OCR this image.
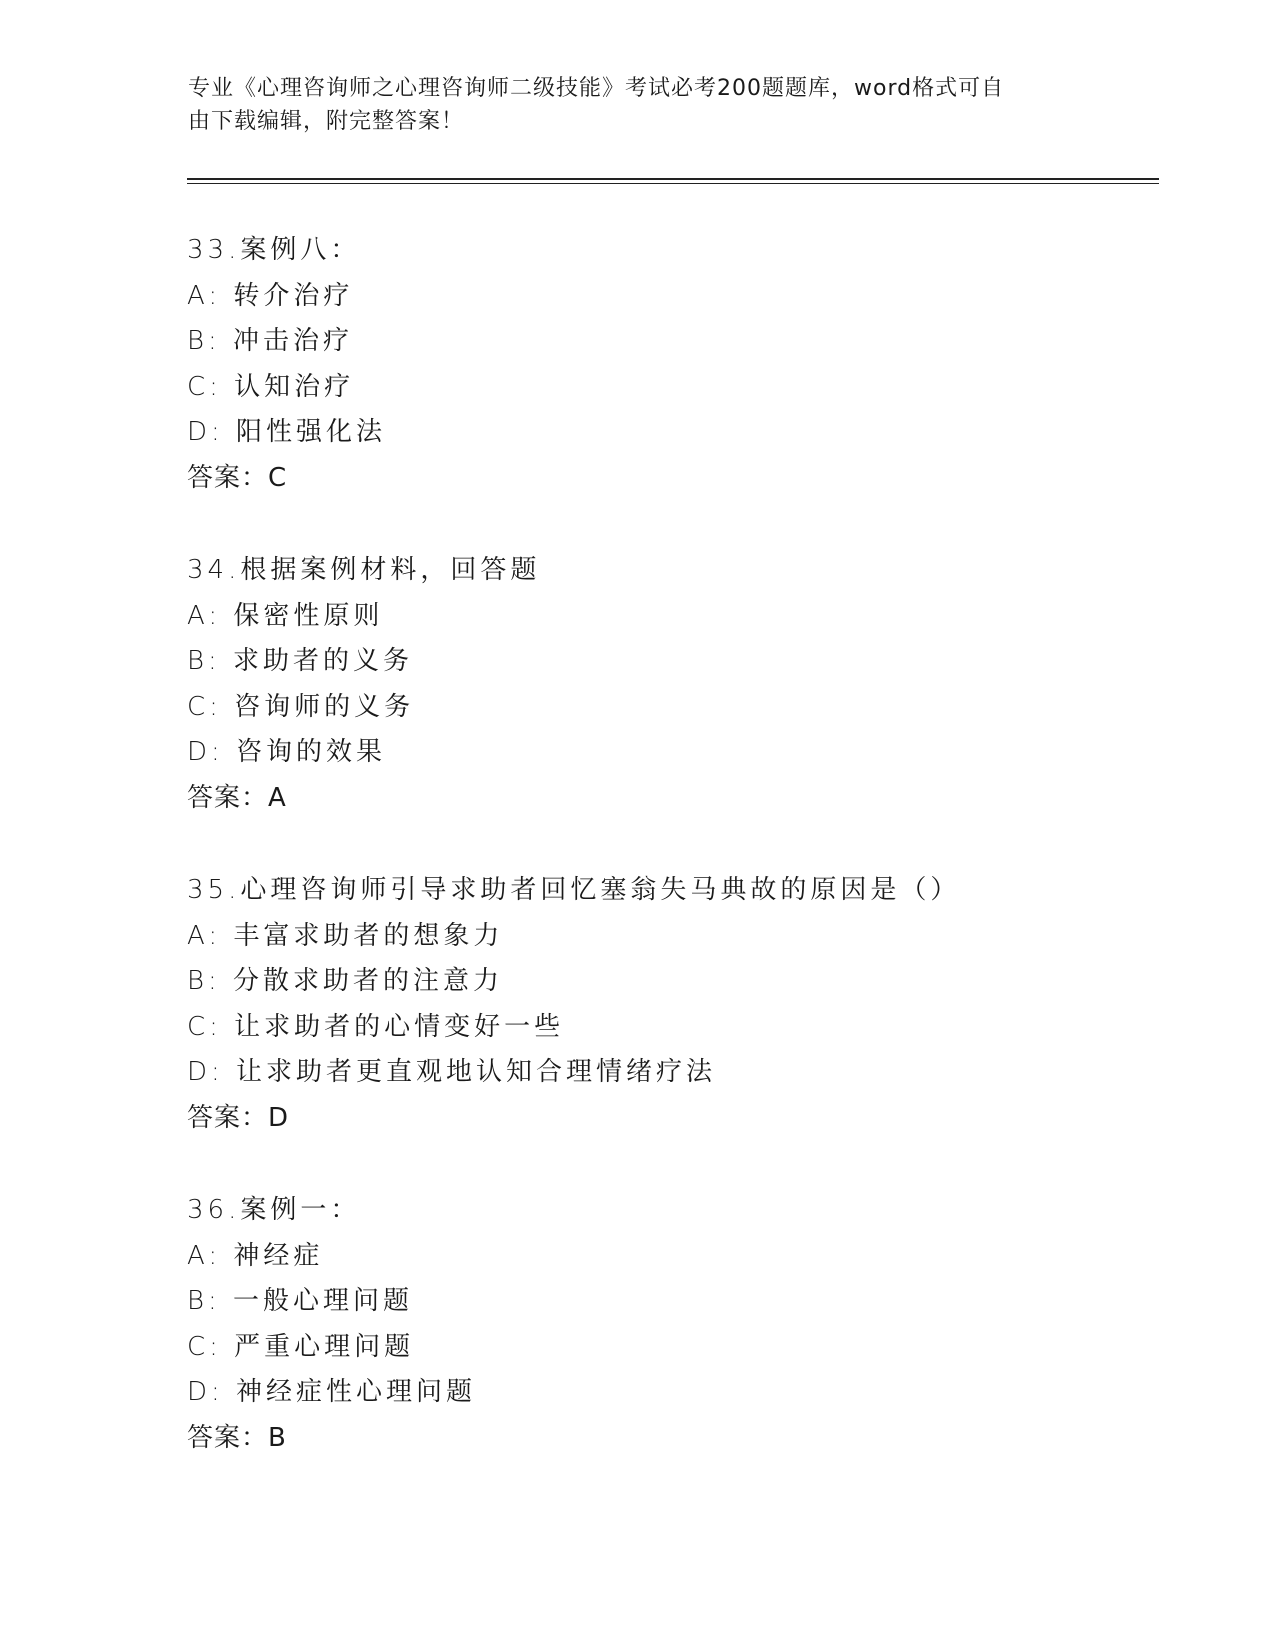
专业《心理咨询师之心理咨询师二级技能》考试必考200题题库，word格式可自
由下载编辑，附完整答案！
33.案例八：
A: 转介治疗
B: 冲击治疗
C: 认知治疗
D: 阳性强化法
答案：C
34.根据案例材料，回答题
A: 保密性原则
B: 求助者的义务
C: 咨询师的义务
D: 咨询的效果
答案：A
35.心理咨询师引导求助者回忆塞翁失马典故的原因是（）
A: 丰富求助者的想象力
B: 分散求助者的注意力
C: 让求助者的心情变好一些
D: 让求助者更直观地认知合理情绪疗法
答案：D
36.案例一：
A: 神经症
B: 一般心理问题
C: 严重心理问题
D: 神经症性心理问题
答案：B
